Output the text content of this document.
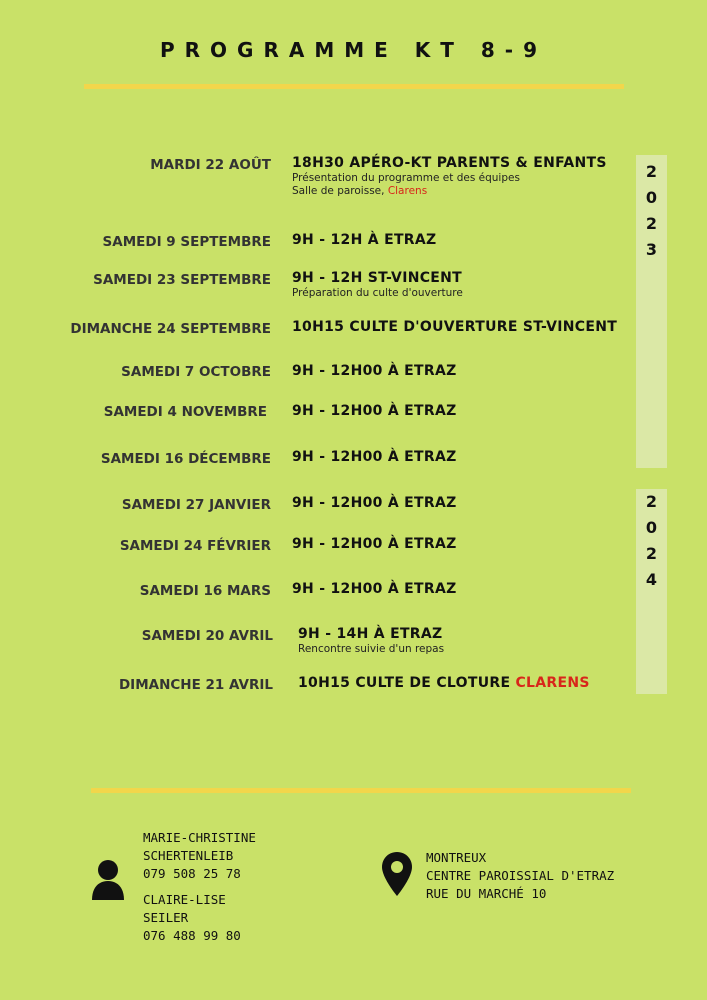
PROGRAMME KT 8-9
2
0
2
3
2
0
2
4
MARDI 22 AOÛT 18H30 APÉRO-KT PARENTS & ENFANTS
Présentation du programme et des équipes
Salle de paroisse, Clarens
SAMEDI 9 SEPTEMBRE 9H - 12H À ETRAZ
SAMEDI 23 SEPTEMBRE 9H - 12H ST-VINCENT
Préparation du culte d'ouverture
DIMANCHE 24 SEPTEMBRE 10H15 CULTE D'OUVERTURE ST-VINCENT
SAMEDI 7 OCTOBRE 9H - 12H00 À ETRAZ
SAMEDI 4 NOVEMBRE 9H - 12H00 À ETRAZ
SAMEDI 16 DÉCEMBRE 9H - 12H00 À ETRAZ
SAMEDI 27 JANVIER 9H - 12H00 À ETRAZ
SAMEDI 24 FÉVRIER 9H - 12H00 À ETRAZ
SAMEDI 16 MARS 9H - 12H00 À ETRAZ
SAMEDI 20 AVRIL 9H - 14H À ETRAZ
Rencontre suivie d'un repas
DIMANCHE 21 AVRIL 10H15 CULTE DE CLOTURE CLARENS
MARIE-CHRISTINE
SCHERTENLEIB
079 508 25 78
CLAIRE-LISE
SEILER
076 488 99 80
MONTREUX
CENTRE PAROISSIAL D'ETRAZ
RUE DU MARCHÉ 10
